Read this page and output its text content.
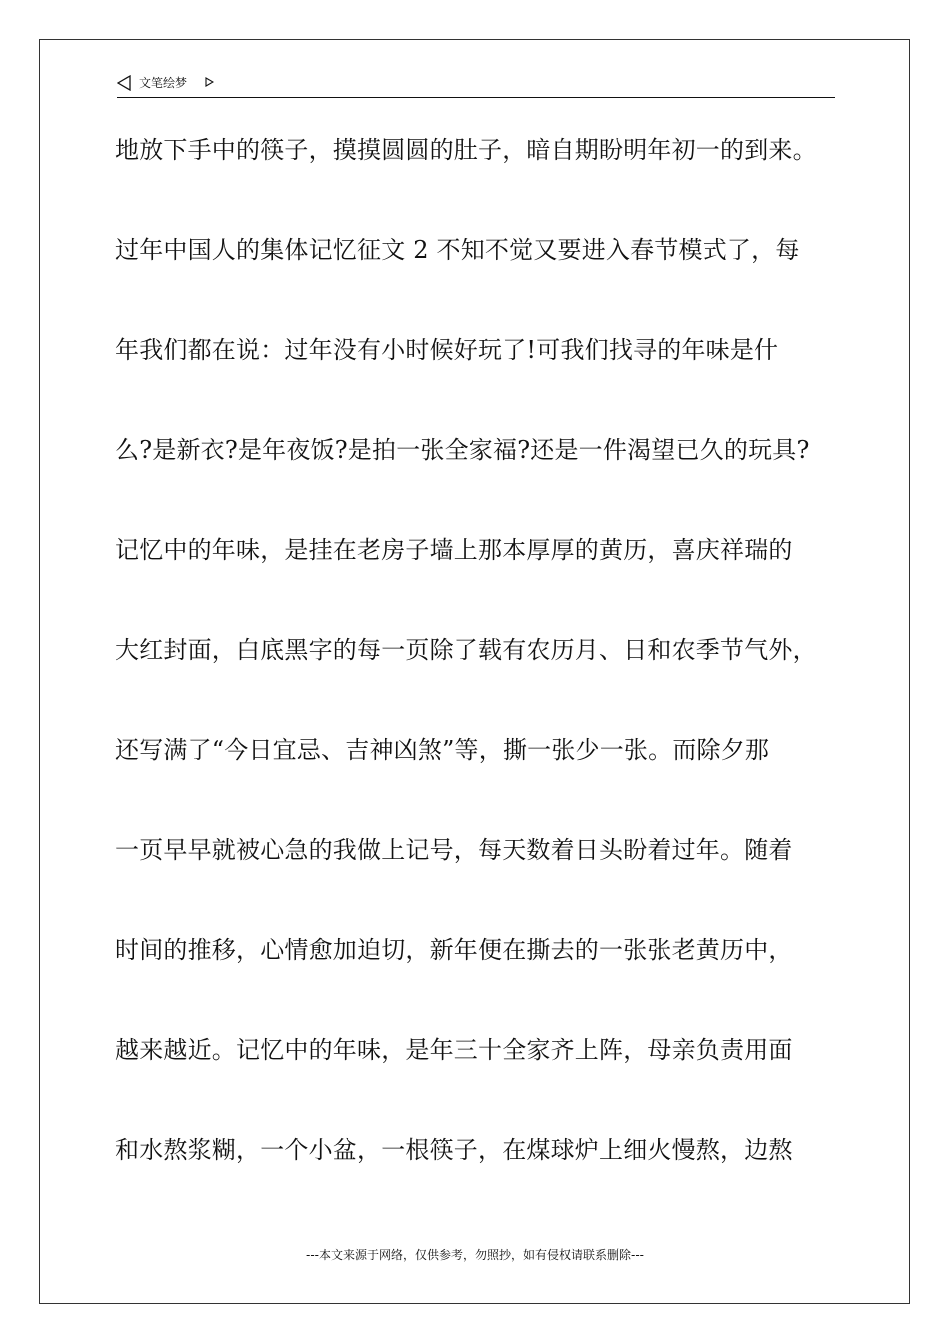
文笔绘梦
地放下手中的筷子，摸摸圆圆的肚子，暗自期盼明年初一的到来。
过年中国人的集体记忆征文 2 不知不觉又要进入春节模式了，每
年我们都在说：过年没有小时候好玩了!可我们找寻的年味是什
么?是新衣?是年夜饭?是拍一张全家福?还是一件渴望已久的玩具?
记忆中的年味，是挂在老房子墙上那本厚厚的黄历，喜庆祥瑞的
大红封面，白底黑字的每一页除了载有农历月、日和农季节气外，
还写满了“今日宜忌、吉神凶煞”等，撕一张少一张。而除夕那
一页早早就被心急的我做上记号，每天数着日头盼着过年。随着
时间的推移，心情愈加迫切，新年便在撕去的一张张老黄历中，
越来越近。记忆中的年味，是年三十全家齐上阵，母亲负责用面
和水熬浆糊，一个小盆，一根筷子，在煤球炉上细火慢熬，边熬
---本文来源于网络，仅供参考，勿照抄，如有侵权请联系删除---
